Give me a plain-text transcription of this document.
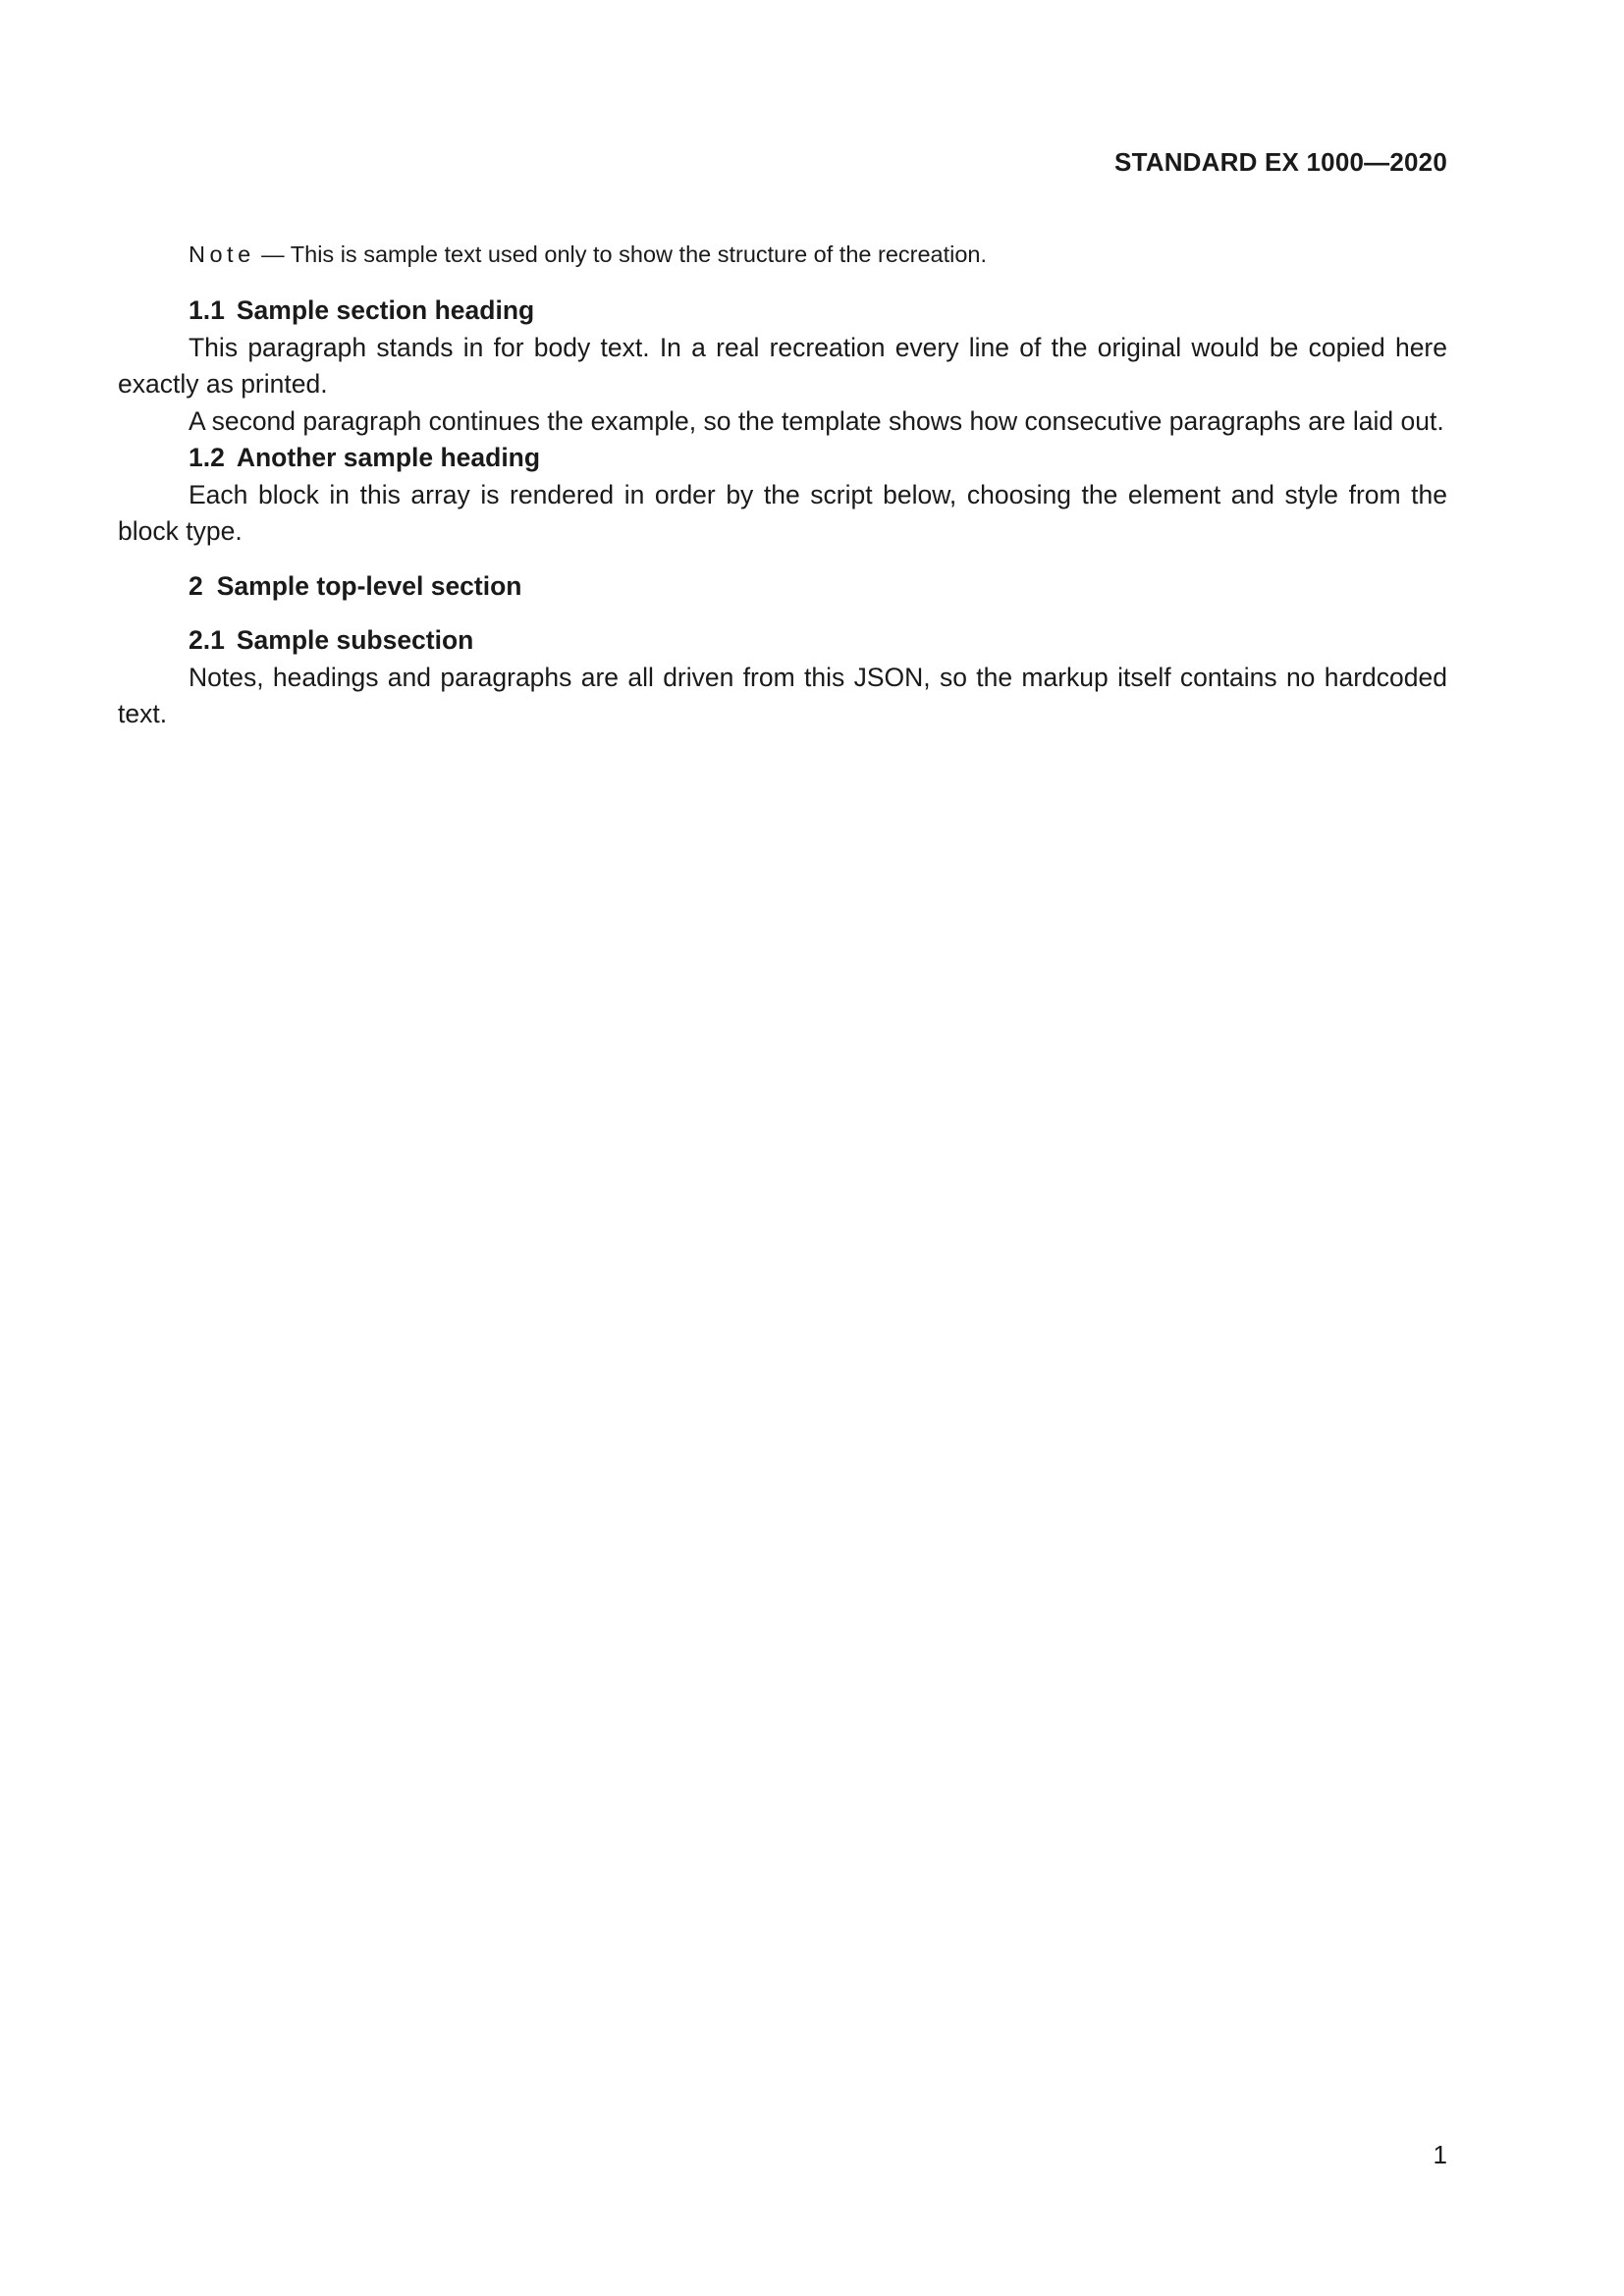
STANDARD EX 1000—2020

Note — This is sample text used only to show the structure of the recreation.

1.1 Sample section heading

This paragraph stands in for body text. In a real recreation every line of the original would be copied here exactly as printed.

A second paragraph continues the example, so the template shows how consecutive paragraphs are laid out.

1.2 Another sample heading

Each block in this array is rendered in order by the script below, choosing the element and style from the block type.

2 Sample top-level section

2.1 Sample subsection

Notes, headings and paragraphs are all driven from this JSON, so the markup itself contains no hardcoded text.

1
